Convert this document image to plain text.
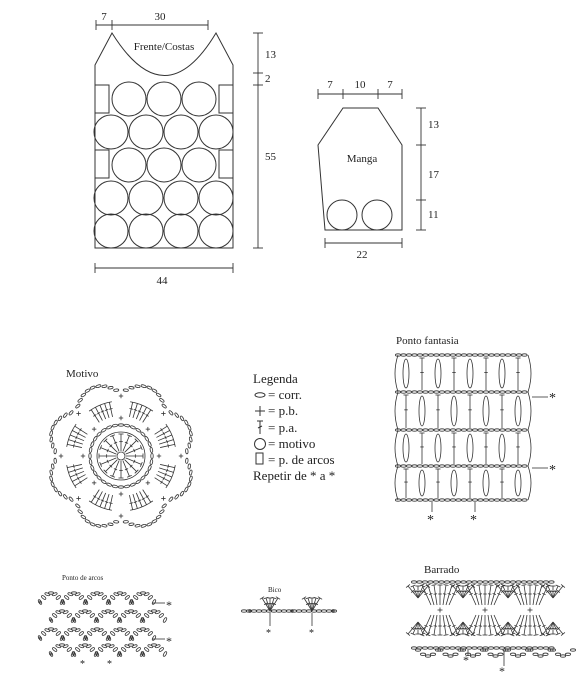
7	30
Frente/Costas
13
2
55
44
7 10 7
Manga
13
17
11
22
Motivo	Legenda
= corr.
= p.b.
= p.a.
= motivo
= p. de arcos
Repetir de * a *
Ponto fantasia
*
*
*	*
Ponto de arcos
*
*
* *
Bico
*	*
Barrado
*
*
